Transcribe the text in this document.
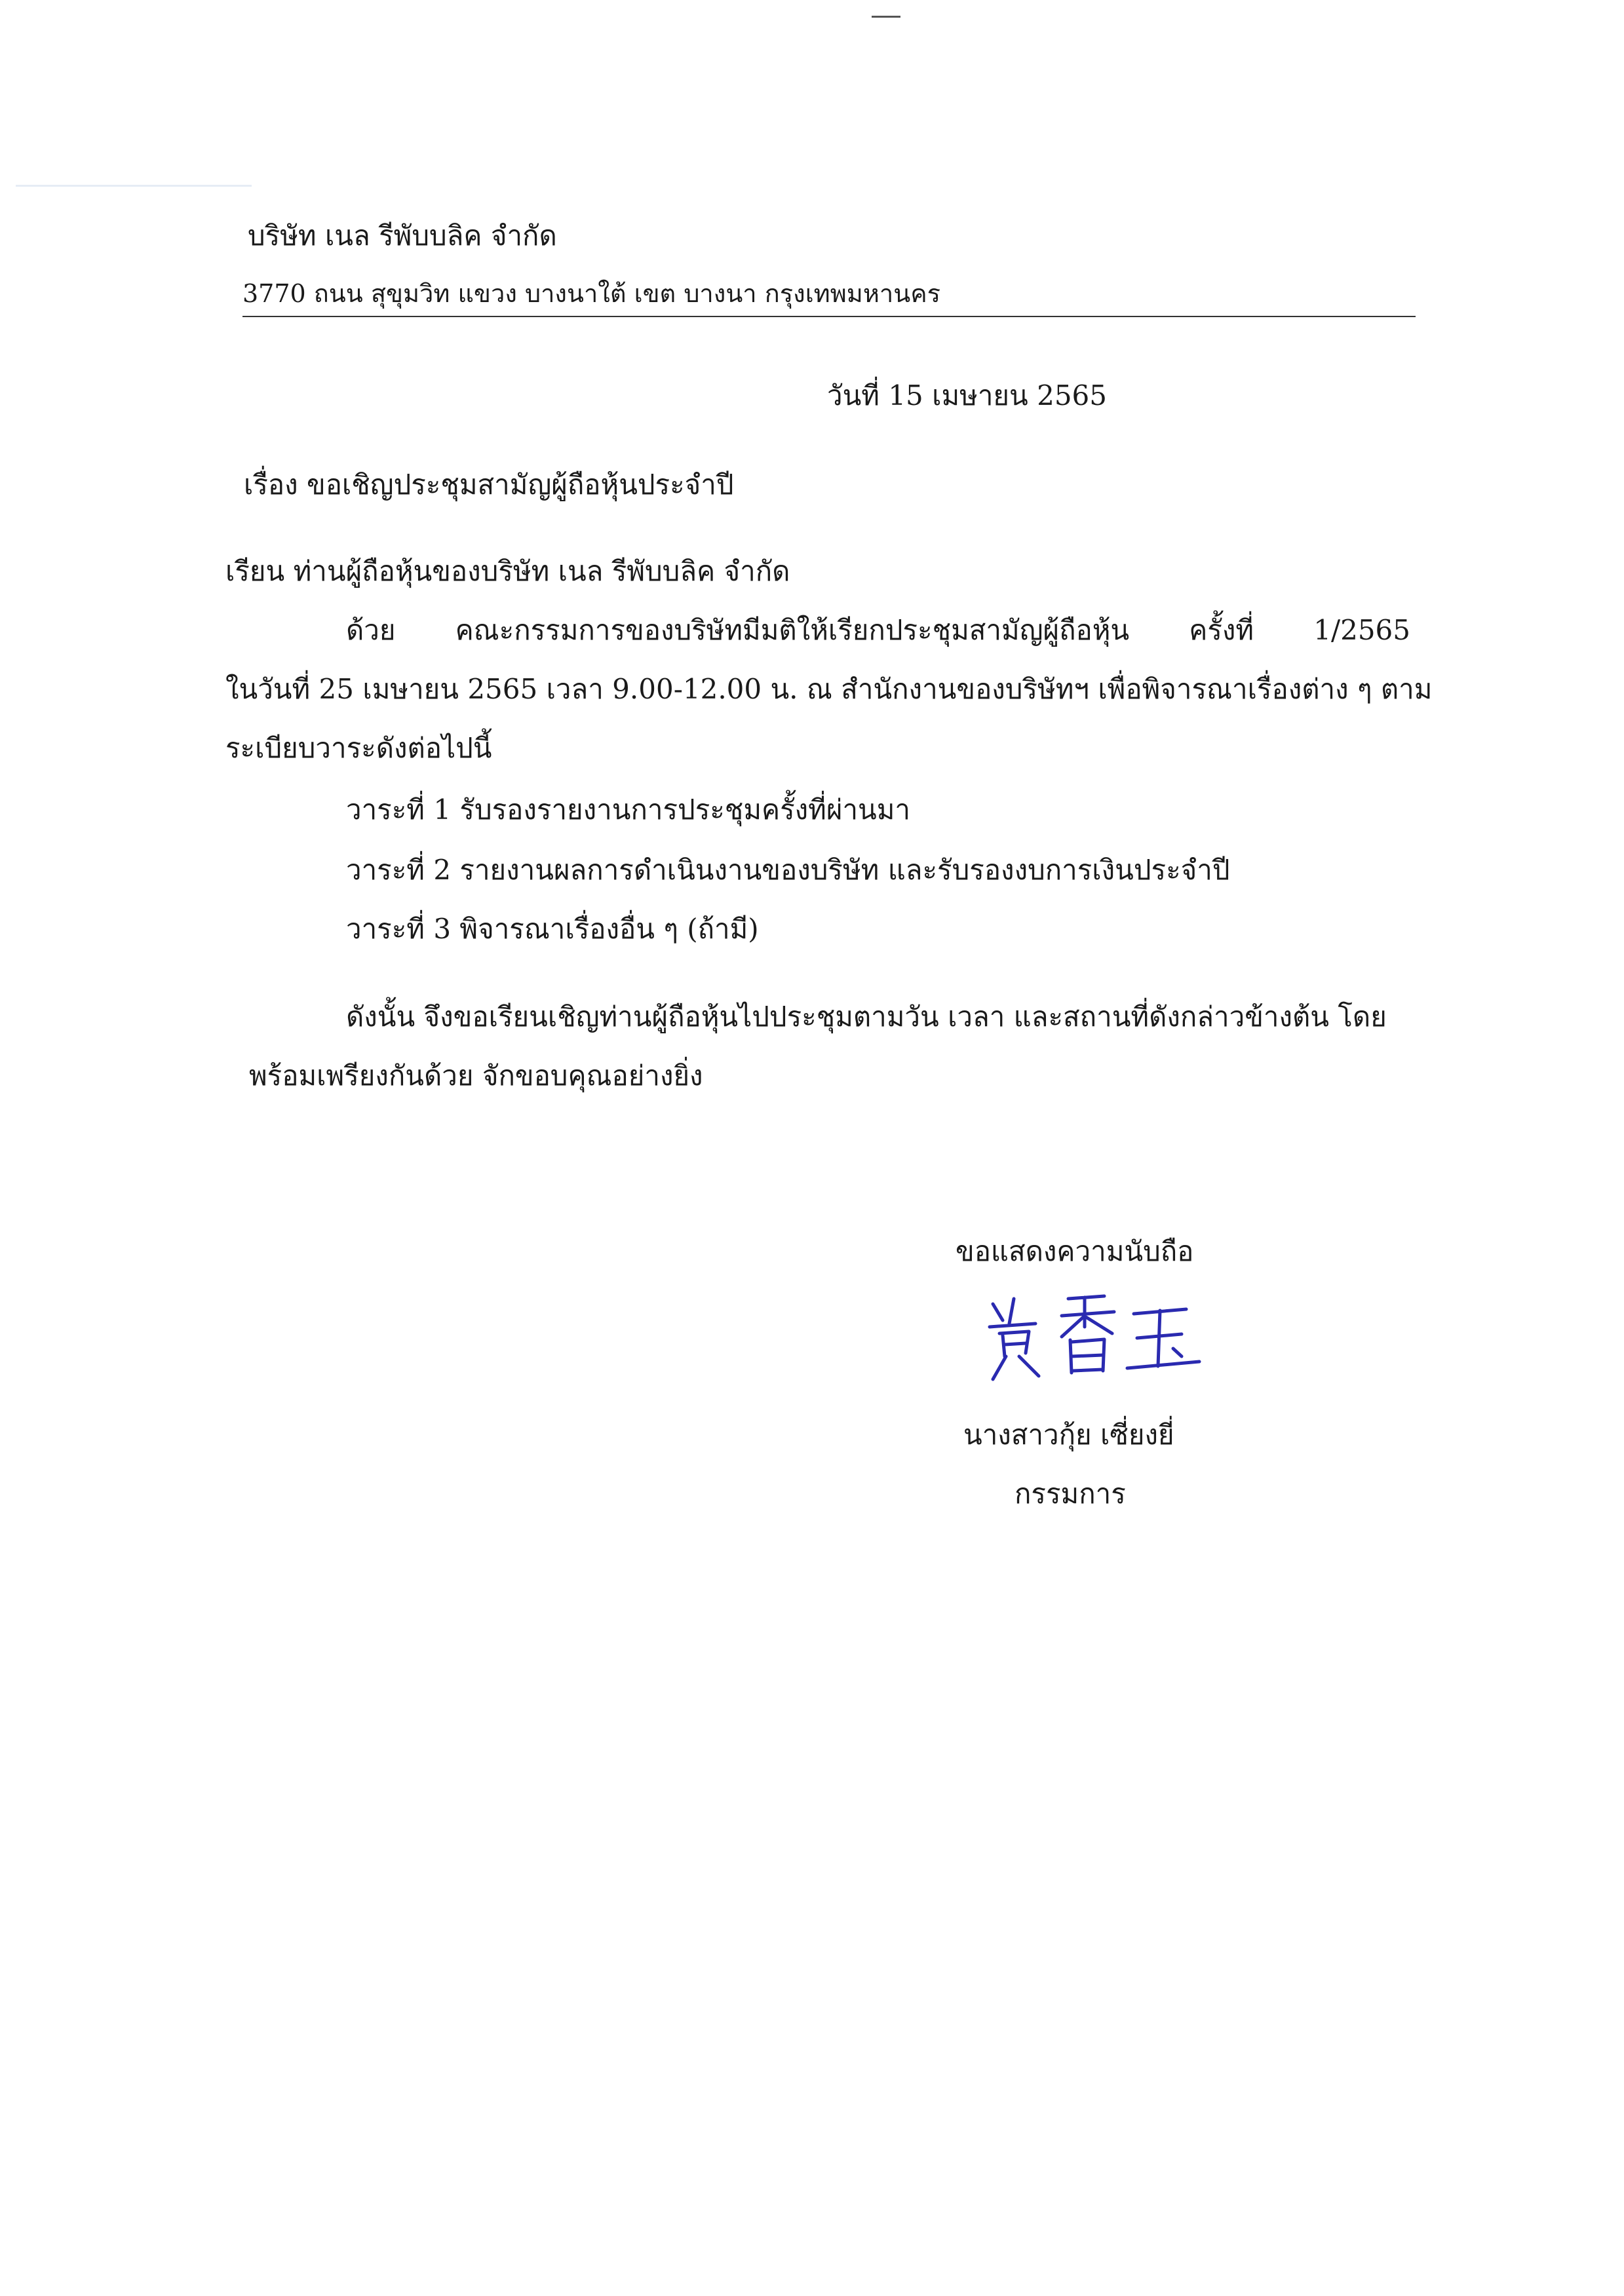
บริษัท เนล รีพับบลิค จำกัด
3770 ถนน สุขุมวิท แขวง บางนาใต้ เขต บางนา กรุงเทพมหานคร
วันที่ 15 เมษายน 2565
เรื่อง ขอเชิญประชุมสามัญผู้ถือหุ้นประจำปี
เรียน ท่านผู้ถือหุ้นของบริษัท เนล รีพับบลิค จำกัด
ด้วย คณะกรรมการของบริษัทมีมติให้เรียกประชุมสามัญผู้ถือหุ้น ครั้งที่ 1/2565
ในวันที่ 25 เมษายน 2565 เวลา 9.00-12.00 น. ณ สำนักงานของบริษัทฯ เพื่อพิจารณาเรื่องต่าง ๆ ตาม
ระเบียบวาระดังต่อไปนี้
วาระที่ 1 รับรองรายงานการประชุมครั้งที่ผ่านมา
วาระที่ 2 รายงานผลการดำเนินงานของบริษัท และรับรองงบการเงินประจำปี
วาระที่ 3 พิจารณาเรื่องอื่น ๆ (ถ้ามี)
ดังนั้น จึงขอเรียนเชิญท่านผู้ถือหุ้นไปประชุมตามวัน เวลา และสถานที่ดังกล่าวข้างต้น โดย
พร้อมเพรียงกันด้วย จักขอบคุณอย่างยิ่ง
ขอแสดงความนับถือ
นางสาวกุ้ย เซี่ยงยี่
กรรมการ
